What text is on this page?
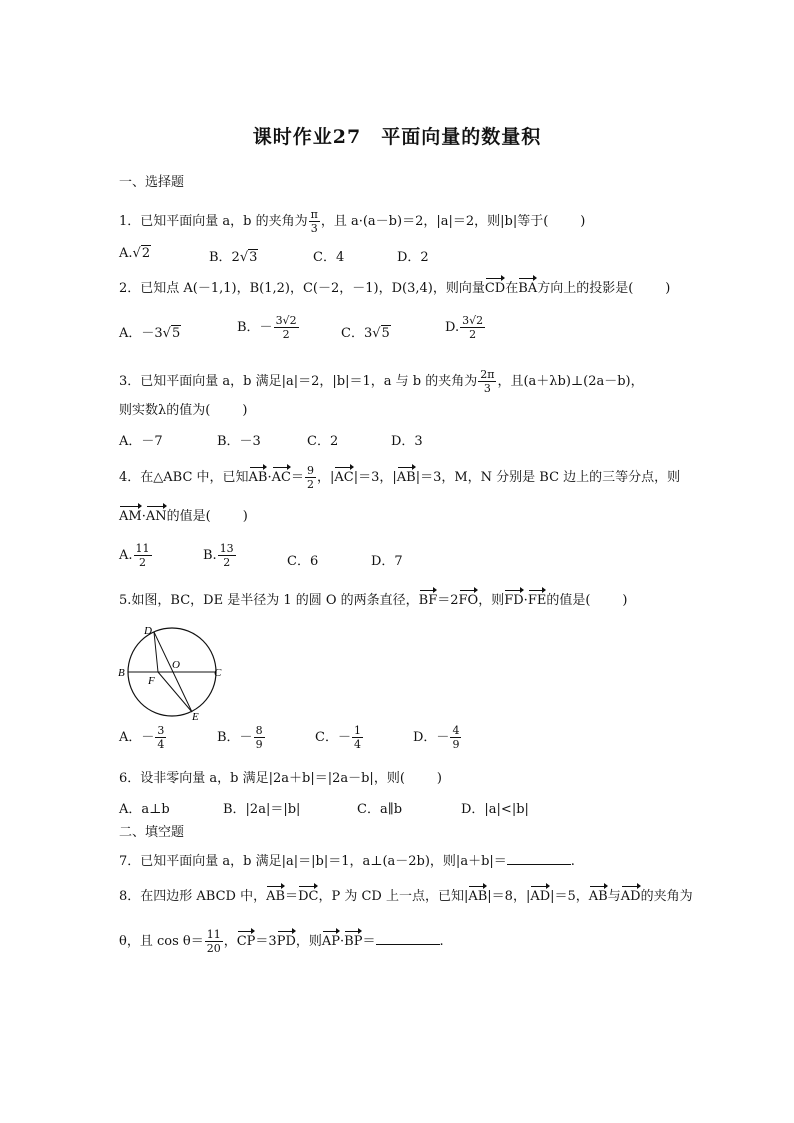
课时作业27　平面向量的数量积
一、选择题
1．已知平面向量 a，b 的夹角为 $\frac{\pi}{3}$ ，且 a·(a－b)＝2，|a|＝2，则|b|等于( )
A.√2	B．2√3	C．4	D．2
2．已知点 A(－1,1)，B(1,2)，C(－2，－1)，D(3,4)，则向量CD在BA方向上的投影是( )
A．－3√5	B．－ $\frac{3√2}{2}$	C．3√5	D. $\frac{3√2}{2}$
3．已知平面向量 a，b 满足|a|＝2，|b|＝1，a 与 b 的夹角为 $\frac{2\pi}{3}$ ，且(a＋λb)⊥(2a－b)，
则实数λ的值为( )
A．－7	B．－3	C．2	D．3
4．在△ABC 中，已知$AB\cdot AC= \frac{9}{2}$ ，|AC|＝3，|AB|＝3，M，N 分别是 BC 边上的三等分点，则
AM·AN的值是( )
A. $\frac{11}{2}$	B. $\frac{13}{2}$	C．6	D．7
5.如图，BC，DE 是半径为 1 的圆 O 的两条直径，BF＝2FO，则FD·FE的值是( )
D
B
O
C
F
E
A．－ $\frac{3}{4}$	B．－ $\frac{8}{9}$	C．－ $\frac{1}{4}$	D．－ $\frac{4}{9}$
6．设非零向量 a，b 满足|2a＋b|＝|2a－b|，则( )
A．a⊥b	B．|2a|＝|b|	C．a∥b	D．|a|<|b|
二、填空题
7．已知平面向量 a，b 满足|a|＝|b|＝1，a⊥(a－2b)，则|a＋b|＝	.
8．在四边形 ABCD 中，AB＝DC，P 为 CD 上一点，已知|AB|＝8，|AD|＝5，AB与AD的夹角为
θ，且 $\cos \theta= \frac{11}{20}$ ，CP＝3PD，则AP·BP＝	.
